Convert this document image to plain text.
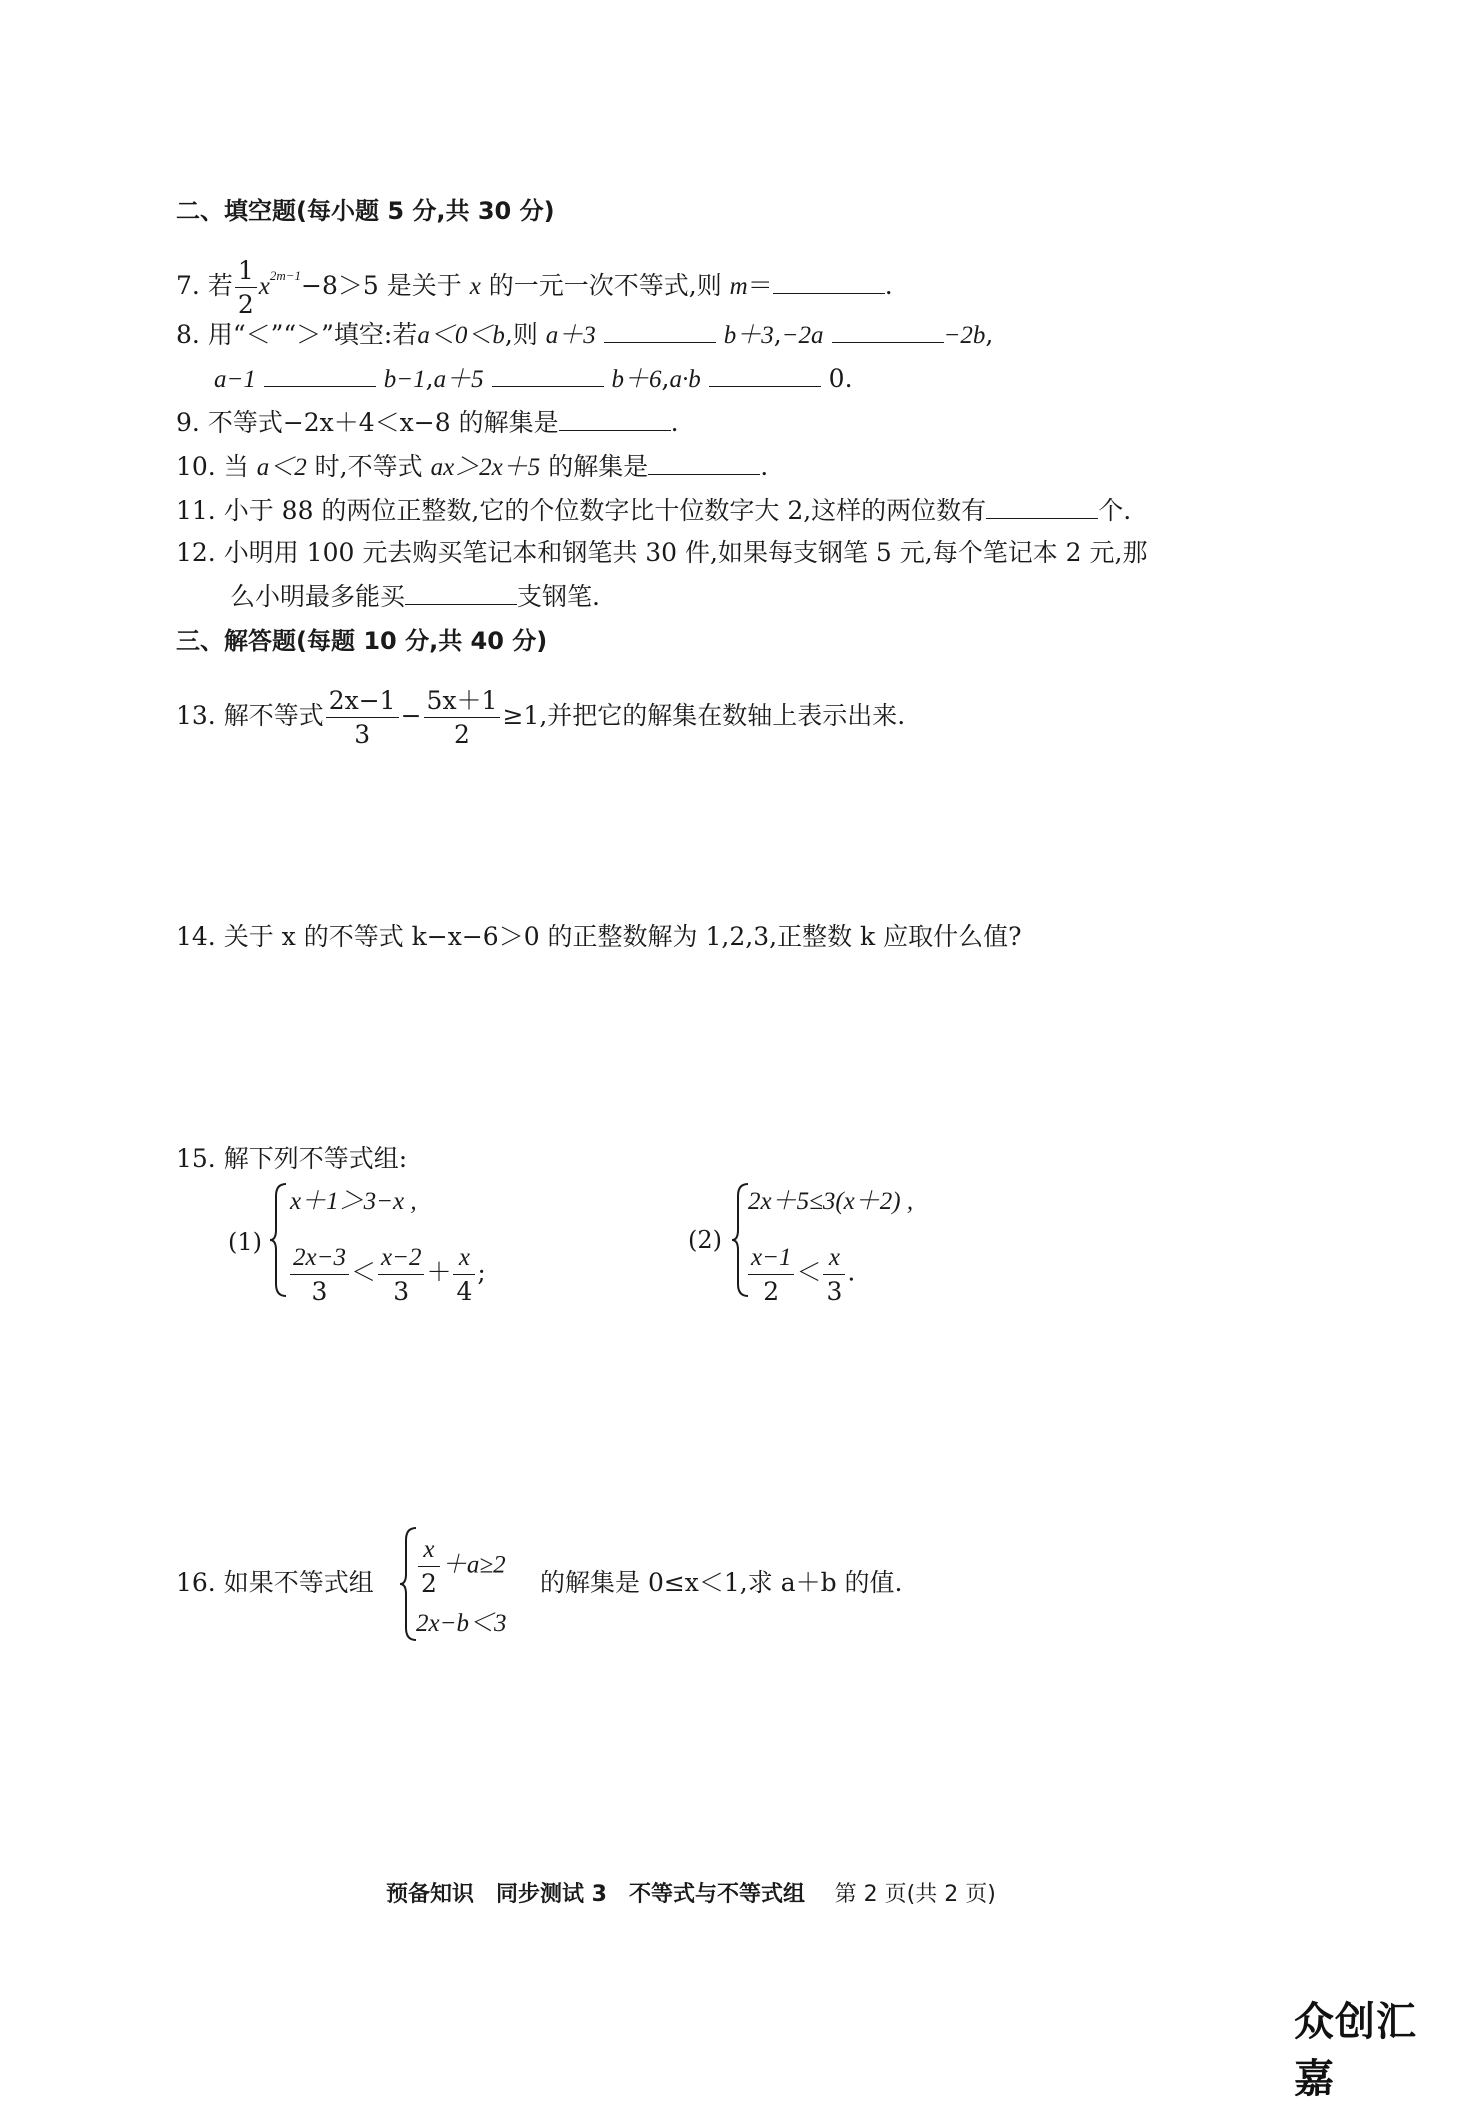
二、填空题(每小题 5 分,共 30 分)
7. 若 $\frac{1}{2} x^{2m-1}-8>5$ 是关于 x 的一元一次不等式,则 m＝	.
8. 用“＜”“＞”填空:若a＜0＜b,则 a＋3	b＋3,−2a	−2b,
a−1	b−1,a＋5	b＋6,a·b	0.
9. 不等式−2x＋4＜x−8 的解集是	.
10. 当 a＜2 时,不等式 ax＞2x＋5 的解集是	.
11. 小于 88 的两位正整数,它的个位数字比十位数字大 2,这样的两位数有	个.
12. 小明用 100 元去购买笔记本和钢笔共 30 件,如果每支钢笔 5 元,每个笔记本 2 元,那
么小明最多能买	支钢笔.
三、解答题(每题 10 分,共 40 分)
13. 解不等式 $\frac{2x-1}{3} - \frac{5x+1}{2} \ge 1$,并把它的解集在数轴上表示出来.
14. 关于 x 的不等式 k−x−6＞0 的正整数解为 1,2,3,正整数 k 应取什么值?
15. 解下列不等式组:
(1)
x＋1＞3−x ,
$\frac{2x-3}{3} < \frac{x-2}{3} + \frac{x}{4}$ ;
(2)
2x＋5≤3(x＋2) ,
$\frac{x-1}{2} < \frac{x}{3}$ .
16. 如果不等式组 $\frac{x}{2} +a\ge 2$
2x−b＜3
的解集是 0≤x＜1,求 a＋b 的值.
预备知识　同步测试 3　不等式与不等式组 第 2 页(共 2 页)
众创汇嘉
